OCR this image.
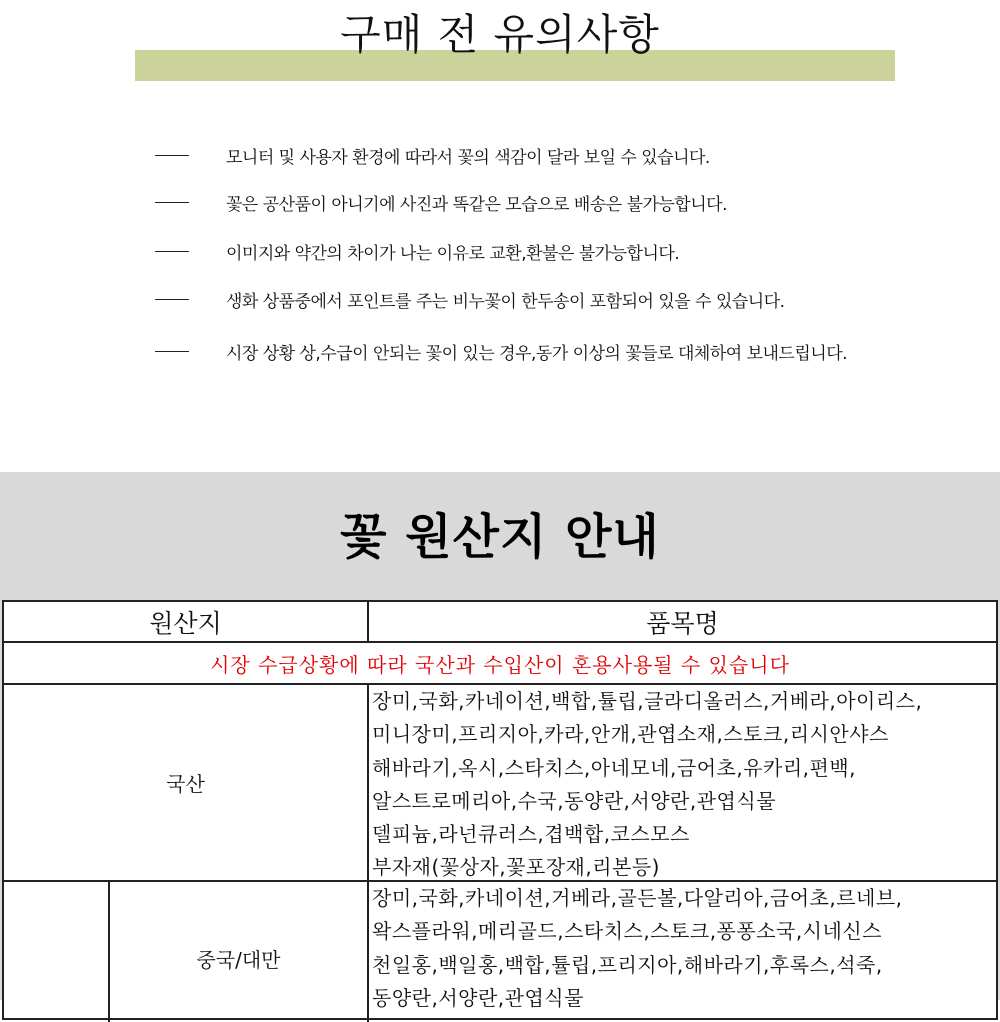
구매 전 유의사항
모니터 및 사용자 환경에 따라서 꽃의 색감이 달라 보일 수 있습니다.
꽃은 공산품이 아니기에 사진과 똑같은 모습으로 배송은 불가능합니다.
이미지와 약간의 차이가 나는 이유로 교환,환불은 불가능합니다.
생화 상품중에서 포인트를 주는 비누꽃이 한두송이 포함되어 있을 수 있습니다.
시장 상황 상,수급이 안되는 꽃이 있는 경우,동가 이상의 꽃들로 대체하여 보내드립니다.
꽃 원산지 안내
원산지	품목명
시장 수급상황에 따라 국산과 수입산이 혼용사용될 수 있습니다
국산
장미,국화,카네이션,백합,튤립,글라디올러스,거베라,아이리스,
미니장미,프리지아,카라,안개,관엽소재,스토크,리시안샤스
해바라기,옥시,스타치스,아네모네,금어초,유카리,편백,
알스트로메리아,수국,동양란,서양란,관엽식물
델피늄,라넌큐러스,겹백합,코스모스
부자재(꽃상자,꽃포장재,리본등)
중국/대만
장미,국화,카네이션,거베라,골든볼,다알리아,금어초,르네브,
왁스플라워,메리골드,스타치스,스토크,퐁퐁소국,시네신스
천일홍,백일홍,백합,튤립,프리지아,해바라기,후록스,석죽,
동양란,서양란,관엽식물
